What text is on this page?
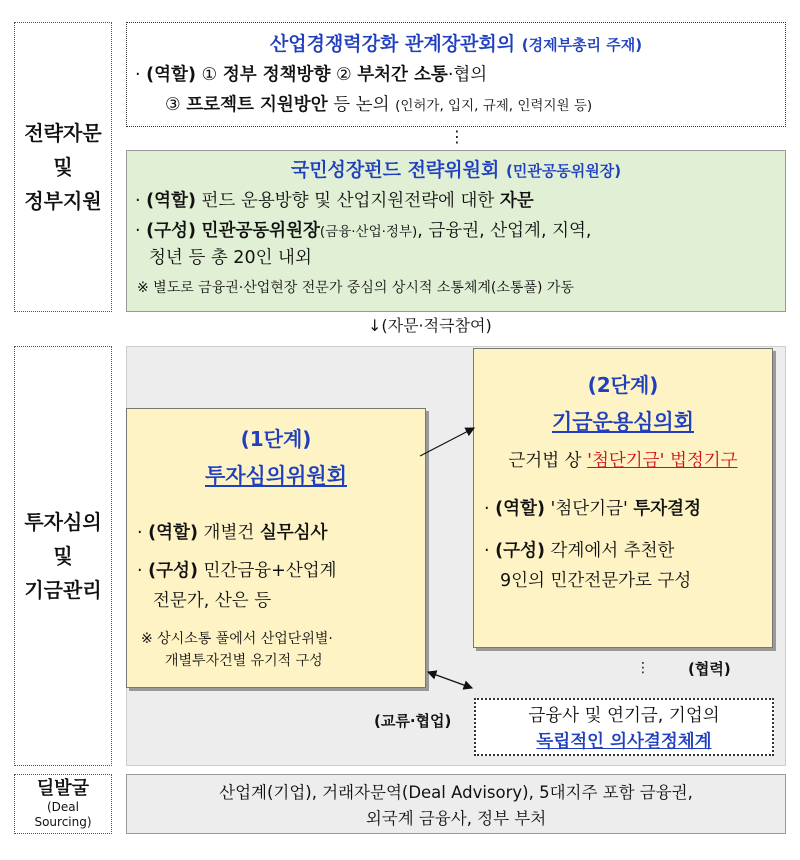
전략자문
및
정부지원
산업경쟁력강화 관계장관회의 (경제부총리 주재)
· (역할) ① 정부 정책방향 ② 부처간 소통·협의
③ 프로젝트 지원방안 등 논의 (인허가, 입지, 규제, 인력지원 등)
⋮
국민성장펀드 전략위원회 (민관공동위원장)
· (역할) 펀드 운용방향 및 산업지원전략에 대한 자문
· (구성) 민관공동위원장(금융·산업·정부), 금융권, 산업계, 지역,
청년 등 총 20인 내외
※ 별도로 금융권·산업현장 전문가 중심의 상시적 소통체계(소통풀) 가동
↓(자문·적극참여)
투자심의
및
기금관리
(2단계)
기금운용심의회
근거법 상 '첨단기금' 법정기구
· (역할) '첨단기금' 투자결정
· (구성) 각계에서 추천한
9인의 민간전문가로 구성
(1단계)
투자심의위원회
· (역할) 개별건 실무심사
· (구성) 민간금융+산업계
전문가, 산은 등
※ 상시소통 풀에서 산업단위별·
개별투자건별 유기적 구성	⋮	(협력)
(교류·협업)	금융사 및 연기금, 기업의
독립적인 의사결정체계
딜발굴
(Deal
Sourcing)
산업계(기업), 거래자문역(Deal Advisory), 5대지주 포함 금융권,
외국계 금융사, 정부 부처
